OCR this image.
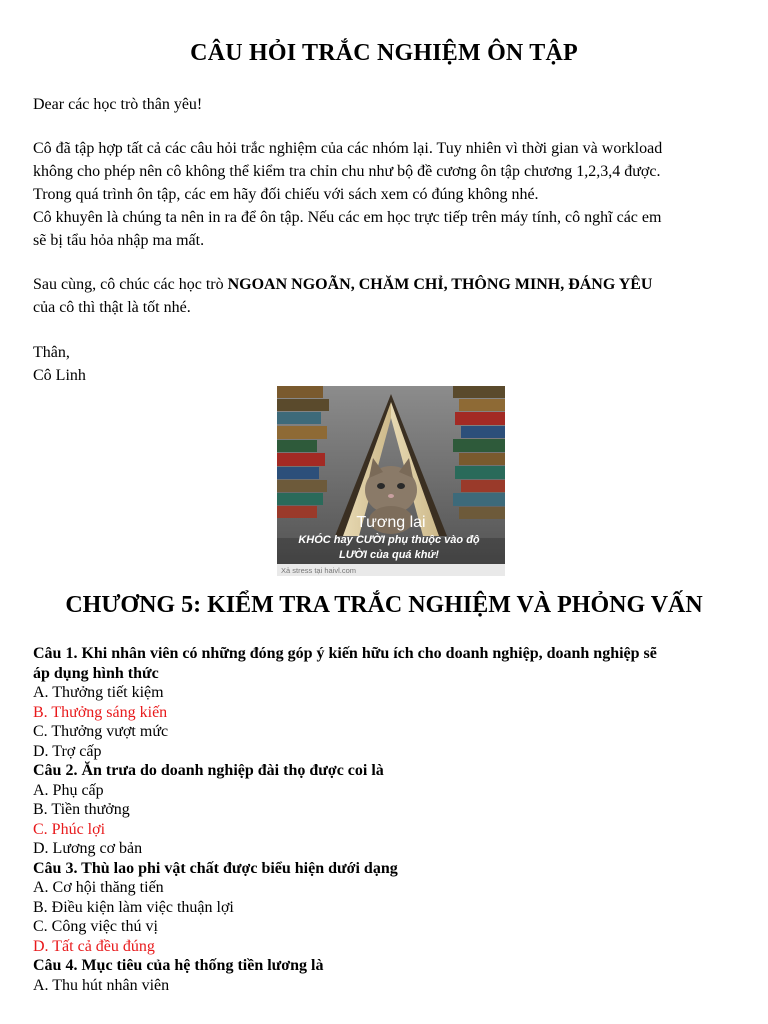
CÂU HỎI TRẮC NGHIỆM ÔN TẬP
Dear các học trò thân yêu!
Cô đã tập hợp tất cả các câu hỏi trắc nghiệm của các nhóm lại. Tuy nhiên vì thời gian và workload
không cho phép nên cô không thể kiểm tra chỉn chu như bộ đề cương ôn tập chương 1,2,3,4 được.
Trong quá trình ôn tập, các em hãy đối chiếu với sách xem có đúng không nhé.
Cô khuyên là chúng ta nên in ra để ôn tập. Nếu các em học trực tiếp trên máy tính, cô nghĩ các em
sẽ bị tẩu hỏa nhập ma mất.
Sau cùng, cô chúc các học trò NGOAN NGOÃN, CHĂM CHỈ, THÔNG MINH, ĐÁNG YÊU
của cô thì thật là tốt nhé.
Thân,
Cô Linh
Tương lai
KHÓC hay CƯỜI phụ thuộc vào độ
LƯỜI của quá khứ!
Xả stress tại haivl.com
CHƯƠNG 5: KIỂM TRA TRẮC NGHIỆM VÀ PHỎNG VẤN
Câu 1. Khi nhân viên có những đóng góp ý kiến hữu ích cho doanh nghiệp, doanh nghiệp sẽ
áp dụng hình thức
A. Thưởng tiết kiệm
B. Thưởng sáng kiến
C. Thưởng vượt mức
D. Trợ cấp
Câu 2. Ăn trưa do doanh nghiệp đài thọ được coi là
A. Phụ cấp
B. Tiền thưởng
C. Phúc lợi
D. Lương cơ bản
Câu 3. Thù lao phi vật chất được biểu hiện dưới dạng
A. Cơ hội thăng tiến
B. Điều kiện làm việc thuận lợi
C. Công việc thú vị
D. Tất cả đều đúng
Câu 4. Mục tiêu của hệ thống tiền lương là
A. Thu hút nhân viên
